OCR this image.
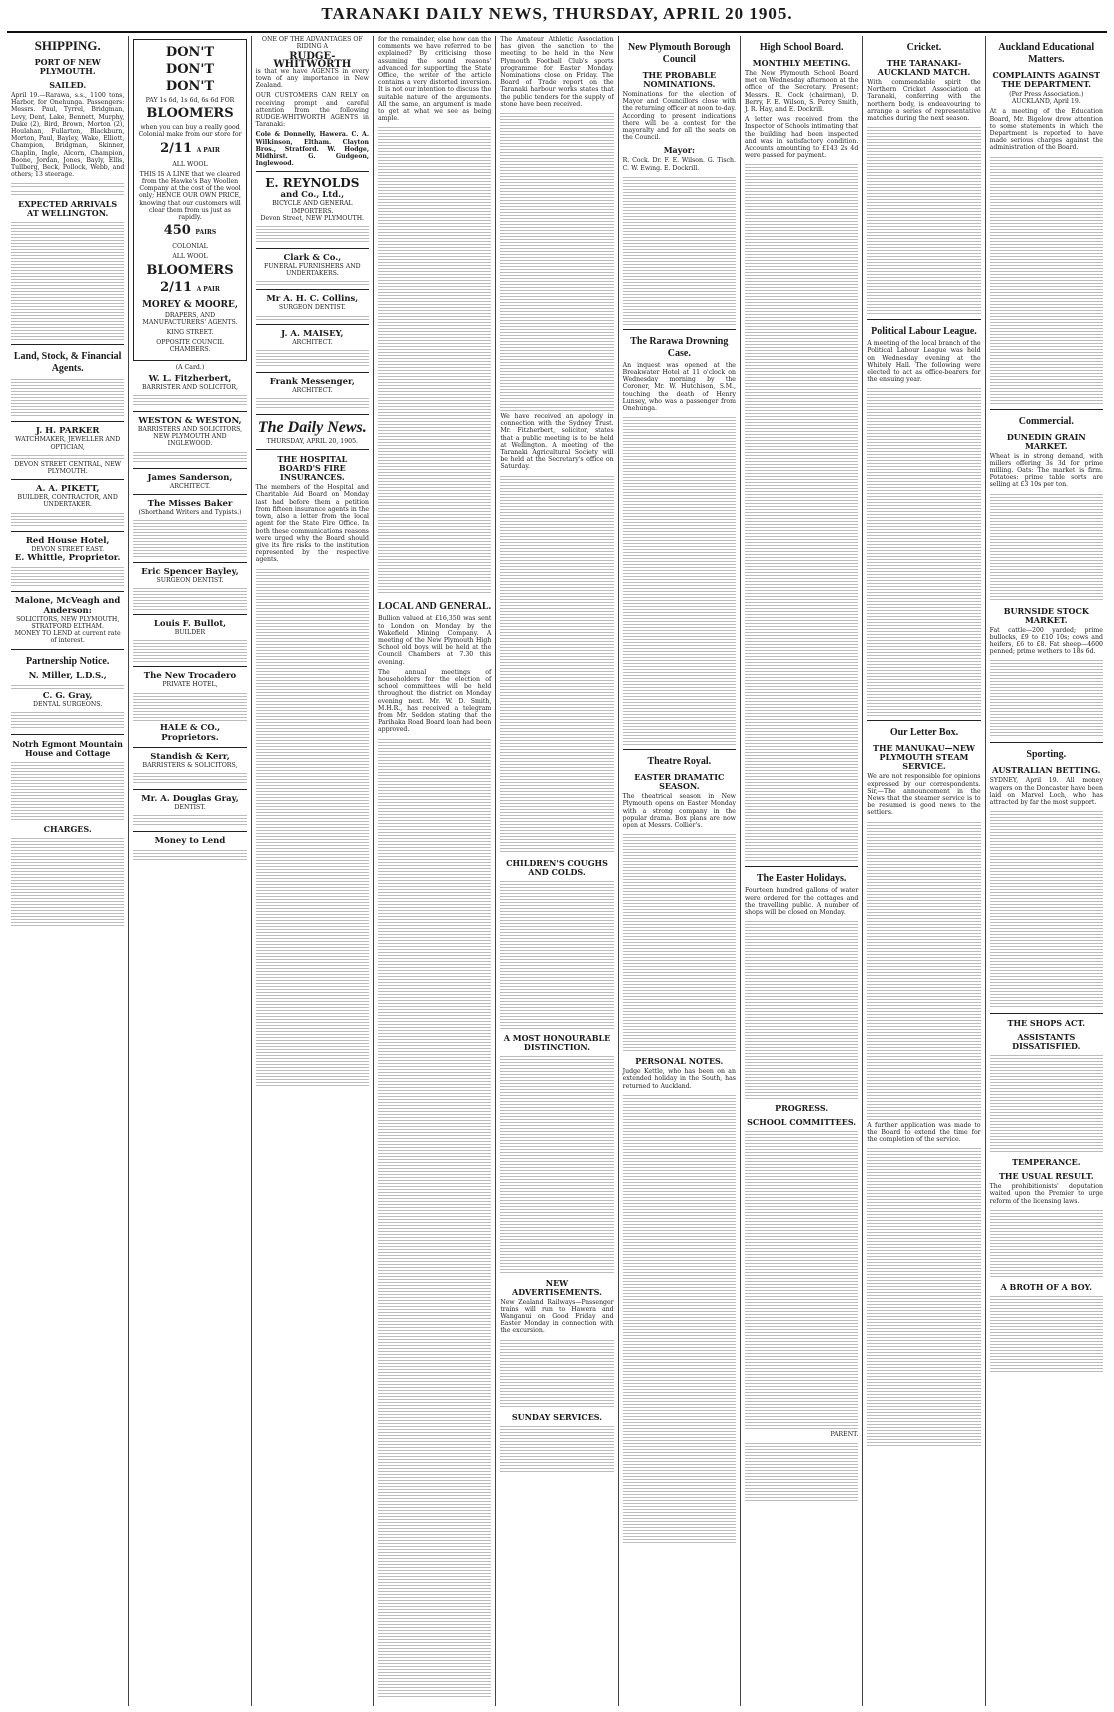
TARANAKI DAILY NEWS, THURSDAY, APRIL 20 1905.
SHIPPING.
PORT OF NEW PLYMOUTH.
SAILED.

April 19.—Rarawa, s.s., 1100 tons, Harbor, for Onehunga. Passengers: Messrs. Paul, Tyrrel, Bridgman, Levy, Dent, Lake, Bennett, Murphy, Duke (2), Bird, Brown, Morton (2), Houlahan, Fullarton, Blackburn, Morton, Paul, Bayley, Wake, Elliott, Champion, Bridgman, Skinner, Chaplin, Ingle, Alcorn, Champion, Boone, Jordan, Jones, Bayly, Ellis, Tullberg, Beck, Pollock, Webb, and others; 13 steerage.

EXPECTED ARRIVALS AT WELLINGTON.
Land, Stock, & Financial Agents.
J. H. PARKER
WATCHMAKER, JEWELLER AND OPTICIAN,
DEVON STREET CENTRAL, NEW PLYMOUTH.
A. A. PIKETT,
BUILDER, CONTRACTOR, AND UNDERTAKER.
Red House Hotel,
DEVON STREET EAST.
E. Whittle, Proprietor.
Malone, McVeagh and Anderson:
SOLICITORS, NEW PLYMOUTH, STRATFORD ELTHAM.
MONEY TO LEND at current rate of interest.
Partnership Notice.
N. Miller, L.D.S.,
C. G. Gray,
DENTAL SURGEONS.
Notrh Egmont Mountain House and Cottage
CHARGES.
DON'T
DON'T
DON'T

PAY 1s 6d, 1s 6d, 6s 6d FOR

BLOOMERS

when you can buy a really good Colonial make from our store for

2/11 A PAIR

ALL WOOL

THIS IS A LINE that we cleared from the Hawke's Bay Woollen Company at the cost of the wool only; HENCE OUR OWN PRICE, knowing that our customers will clear them from us just as rapidly.

450 PAIRS

COLONIAL

ALL WOOL

BLOOMERS
2/11 A PAIR
MOREY & MOORE,

DRAPERS, AND MANUFACTURERS' AGENTS.

KING STREET.

OPPOSITE COUNCIL CHAMBERS.

(A Card.)

W. L. Fitzherbert,
BARRISTER AND SOLICITOR,
WESTON & WESTON,
BARRISTERS AND SOLICITORS, NEW PLYMOUTH AND INGLEWOOD.
James Sanderson,
ARCHITECT.
The Misses Baker
(Shorthand Writers and Typists.)
Eric Spencer Bayley,
SURGEON DENTIST.
Louis F. Bullot,
BUILDER
The New Trocadero
PRIVATE HOTEL,
HALE & CO., Proprietors.
Standish & Kerr,
BARRISTERS & SOLICITORS,
Mr. A. Douglas Gray,
DENTIST.
Money to Lend

ONE OF THE ADVANTAGES OF RIDING A

RUDGE-WHITWORTH

is that we have AGENTS in every town of any importance in New Zealand.

OUR CUSTOMERS CAN RELY on receiving prompt and careful attention from the following RUDGE-WHITWORTH AGENTS in Taranaki:

Cole & Donnelly, Hawera. C. A. Wilkinson, Eltham. Clayton Bros., Stratford. W. Hodge, Midhirst. G. Gudgeon, Inglewood.

E. REYNOLDS
and Co., Ltd.,
BICYCLE AND GENERAL IMPORTERS.
Devon Street, NEW PLYMOUTH.
Clark & Co.,
FUNERAL FURNISHERS AND UNDERTAKERS.
Mr A. H. C. Collins,
SURGEON DENTIST.
J. A. MAISEY,
ARCHITECT.
Frank Messenger,
ARCHITECT.
The Daily News.

THURSDAY, APRIL 20, 1905.

THE HOSPITAL BOARD'S FIRE INSURANCES.

The members of the Hospital and Charitable Aid Board on Monday last had before them a petition from fifteen insurance agents in the town, also a letter from the local agent for the State Fire Office. In both these communications reasons were urged why the Board should give its fire risks to the institution represented by the respective agents.

for the remainder, else how can the comments we have referred to be explained? By criticising those assuming the sound reasons' advanced for supporting the State Office, the writer of the article contains a very distorted inversion. It is not our intention to discuss the suitable nature of the arguments. All the same, an argument is made to get at what we see as being ample.

LOCAL AND GENERAL.

Bullion valued at £16,350 was sent to London on Monday by the Wakefield Mining Company. A meeting of the New Plymouth High School old boys will be held at the Council Chambers at 7.30 this evening.

The annual meetings of householders for the election of school committees will be held throughout the district on Monday evening next. Mr. W. D. Smith, M.H.R., has received a telegram from Mr. Seddon stating that the Parihaka Road Board loan had been approved.

The Amateur Athletic Association has given the sanction to the meeting to be held in the New Plymouth Football Club's sports programme for Easter Monday. Nominations close on Friday. The Board of Trade report on the Taranaki harbour works states that the public tenders for the supply of stone have been received.

We have received an apology in connection with the Sydney Trust. Mr. Fitzherbert, solicitor, states that a public meeting is to be held at Wellington. A meeting of the Taranaki Agricultural Society will be held at the Secretary's office on Saturday.

CHILDREN'S COUGHS AND COLDS.
A MOST HONOURABLE DISTINCTION.
NEW ADVERTISEMENTS.

New Zealand Railways—Passenger trains will run to Hawera and Wanganui on Good Friday and Easter Monday in connection with the excursion.

SUNDAY SERVICES.
New Plymouth Borough Council
THE PROBABLE NOMINATIONS.

Nominations for the election of Mayor and Councillors close with the returning officer at noon to-day. According to present indications there will be a contest for the mayoralty and for all the seats on the Council.

Mayor:

R. Cock. Dr. F. E. Wilson. G. Tisch. C. W. Ewing. E. Dockrill.

The Rarawa Drowning Case.

An inquest was opened at the Breakwater Hotel at 11 o'clock on Wednesday morning by the Coroner, Mr. W. Hutchison, S.M., touching the death of Henry Lunsey, who was a passenger from Onehunga.

Theatre Royal.
EASTER DRAMATIC SEASON.

The theatrical season in New Plymouth opens on Easter Monday with a strong company in the popular drama. Box plans are now open at Messrs. Collier's.

PERSONAL NOTES.

Judge Kettle, who has been on an extended holiday in the South, has returned to Auckland.

High School Board.
MONTHLY MEETING.

The New Plymouth School Board met on Wednesday afternoon at the office of the Secretary. Present: Messrs. R. Cock (chairman), D. Berry, F. E. Wilson, S. Percy Smith, J. R. Hay, and E. Dockrill.

A letter was received from the Inspector of Schools intimating that the building had been inspected and was in satisfactory condition. Accounts amounting to £143 2s 4d were passed for payment.

The Easter Holidays.

Fourteen hundred gallons of water were ordered for the cottages and the travelling public. A number of shops will be closed on Monday.

PROGRESS.
SCHOOL COMMITTEES.

PARENT.

Cricket.
THE TARANAKI-AUCKLAND MATCH.

With commendable spirit the Northern Cricket Association at Taranaki, conferring with the northern body, is endeavouring to arrange a series of representative matches during the next season.

Political Labour League.

A meeting of the local branch of the Political Labour League was held on Wednesday evening at the Whitely Hall. The following were elected to act as office-bearers for the ensuing year.

Our Letter Box.
THE MANUKAU—NEW PLYMOUTH STEAM SERVICE.

We are not responsible for opinions expressed by our correspondents. Sir,—The announcement in the News that the steamer service is to be resumed is good news to the settlers.

A further application was made to the Board to extend the time for the completion of the service.

Auckland Educational Matters.
COMPLAINTS AGAINST THE DEPARTMENT.

(Per Press Association.) AUCKLAND, April 19.

At a meeting of the Education Board, Mr. Bigelow drew attention to some statements in which the Department is reported to have made serious charges against the administration of the Board.

Commercial.
DUNEDIN GRAIN MARKET.

Wheat is in strong demand, with millers offering 3s 3d for prime milling. Oats: The market is firm. Potatoes: prime table sorts are selling at £3 10s per ton.

BURNSIDE STOCK MARKET.

Fat cattle—200 yarded; prime bullocks, £9 to £10 10s; cows and heifers, £6 to £8. Fat sheep—4600 penned; prime wethers to 18s 6d.

Sporting.
AUSTRALIAN BETTING.

SYDNEY, April 19. All money wagers on the Doncaster have been laid on Marvel Loch, who has attracted by far the most support.

THE SHOPS ACT.
ASSISTANTS DISSATISFIED.
TEMPERANCE.
THE USUAL RESULT.

The prohibitionists' deputation waited upon the Premier to urge reform of the licensing laws.

A BROTH OF A BOY.
